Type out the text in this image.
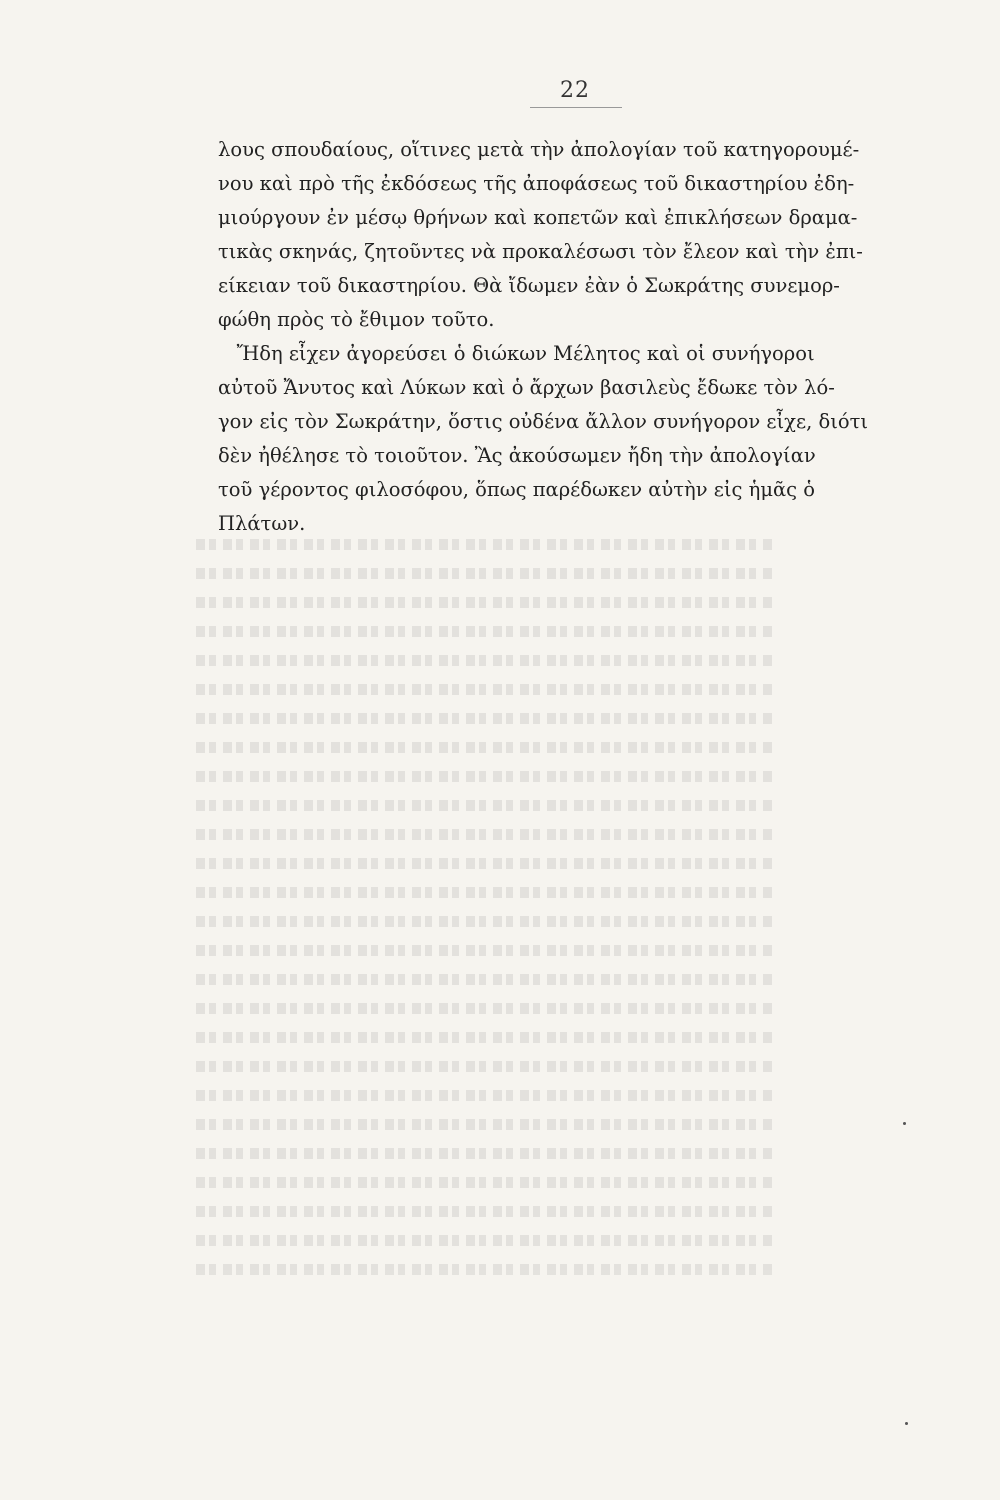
22
λους σπουδαίους, οἵτινες μετὰ τὴν ἀπολογίαν τοῦ κατηγορουμέ-
νου καὶ πρὸ τῆς ἐκδόσεως τῆς ἀποφάσεως τοῦ δικαστηρίου ἐδη-
μιούργουν ἐν μέσῳ θρήνων καὶ κοπετῶν καὶ ἐπικλήσεων δραμα-
τικὰς σκηνάς, ζητοῦντες νὰ προκαλέσωσι τὸν ἔλεον καὶ τὴν ἐπι-
είκειαν τοῦ δικαστηρίου. Θὰ ἴδωμεν ἐὰν ὁ Σωκράτης συνεμορ-
φώθη πρὸς τὸ ἔθιμον τοῦτο.
Ἤδη εἶχεν ἀγορεύσει ὁ διώκων Μέλητος καὶ οἱ συνήγοροι
αὐτοῦ Ἄνυτος καὶ Λύκων καὶ ὁ ἄρχων βασιλεὺς ἔδωκε τὸν λό-
γον εἰς τὸν Σωκράτην, ὅστις οὐδένα ἄλλον συνήγορον εἶχε, διότι
δὲν ἠθέλησε τὸ τοιοῦτον. Ἂς ἀκούσωμεν ἤδη τὴν ἀπολογίαν
τοῦ γέροντος φιλοσόφου, ὅπως παρέδωκεν αὐτὴν εἰς ἡμᾶς ὁ
Πλάτων.
